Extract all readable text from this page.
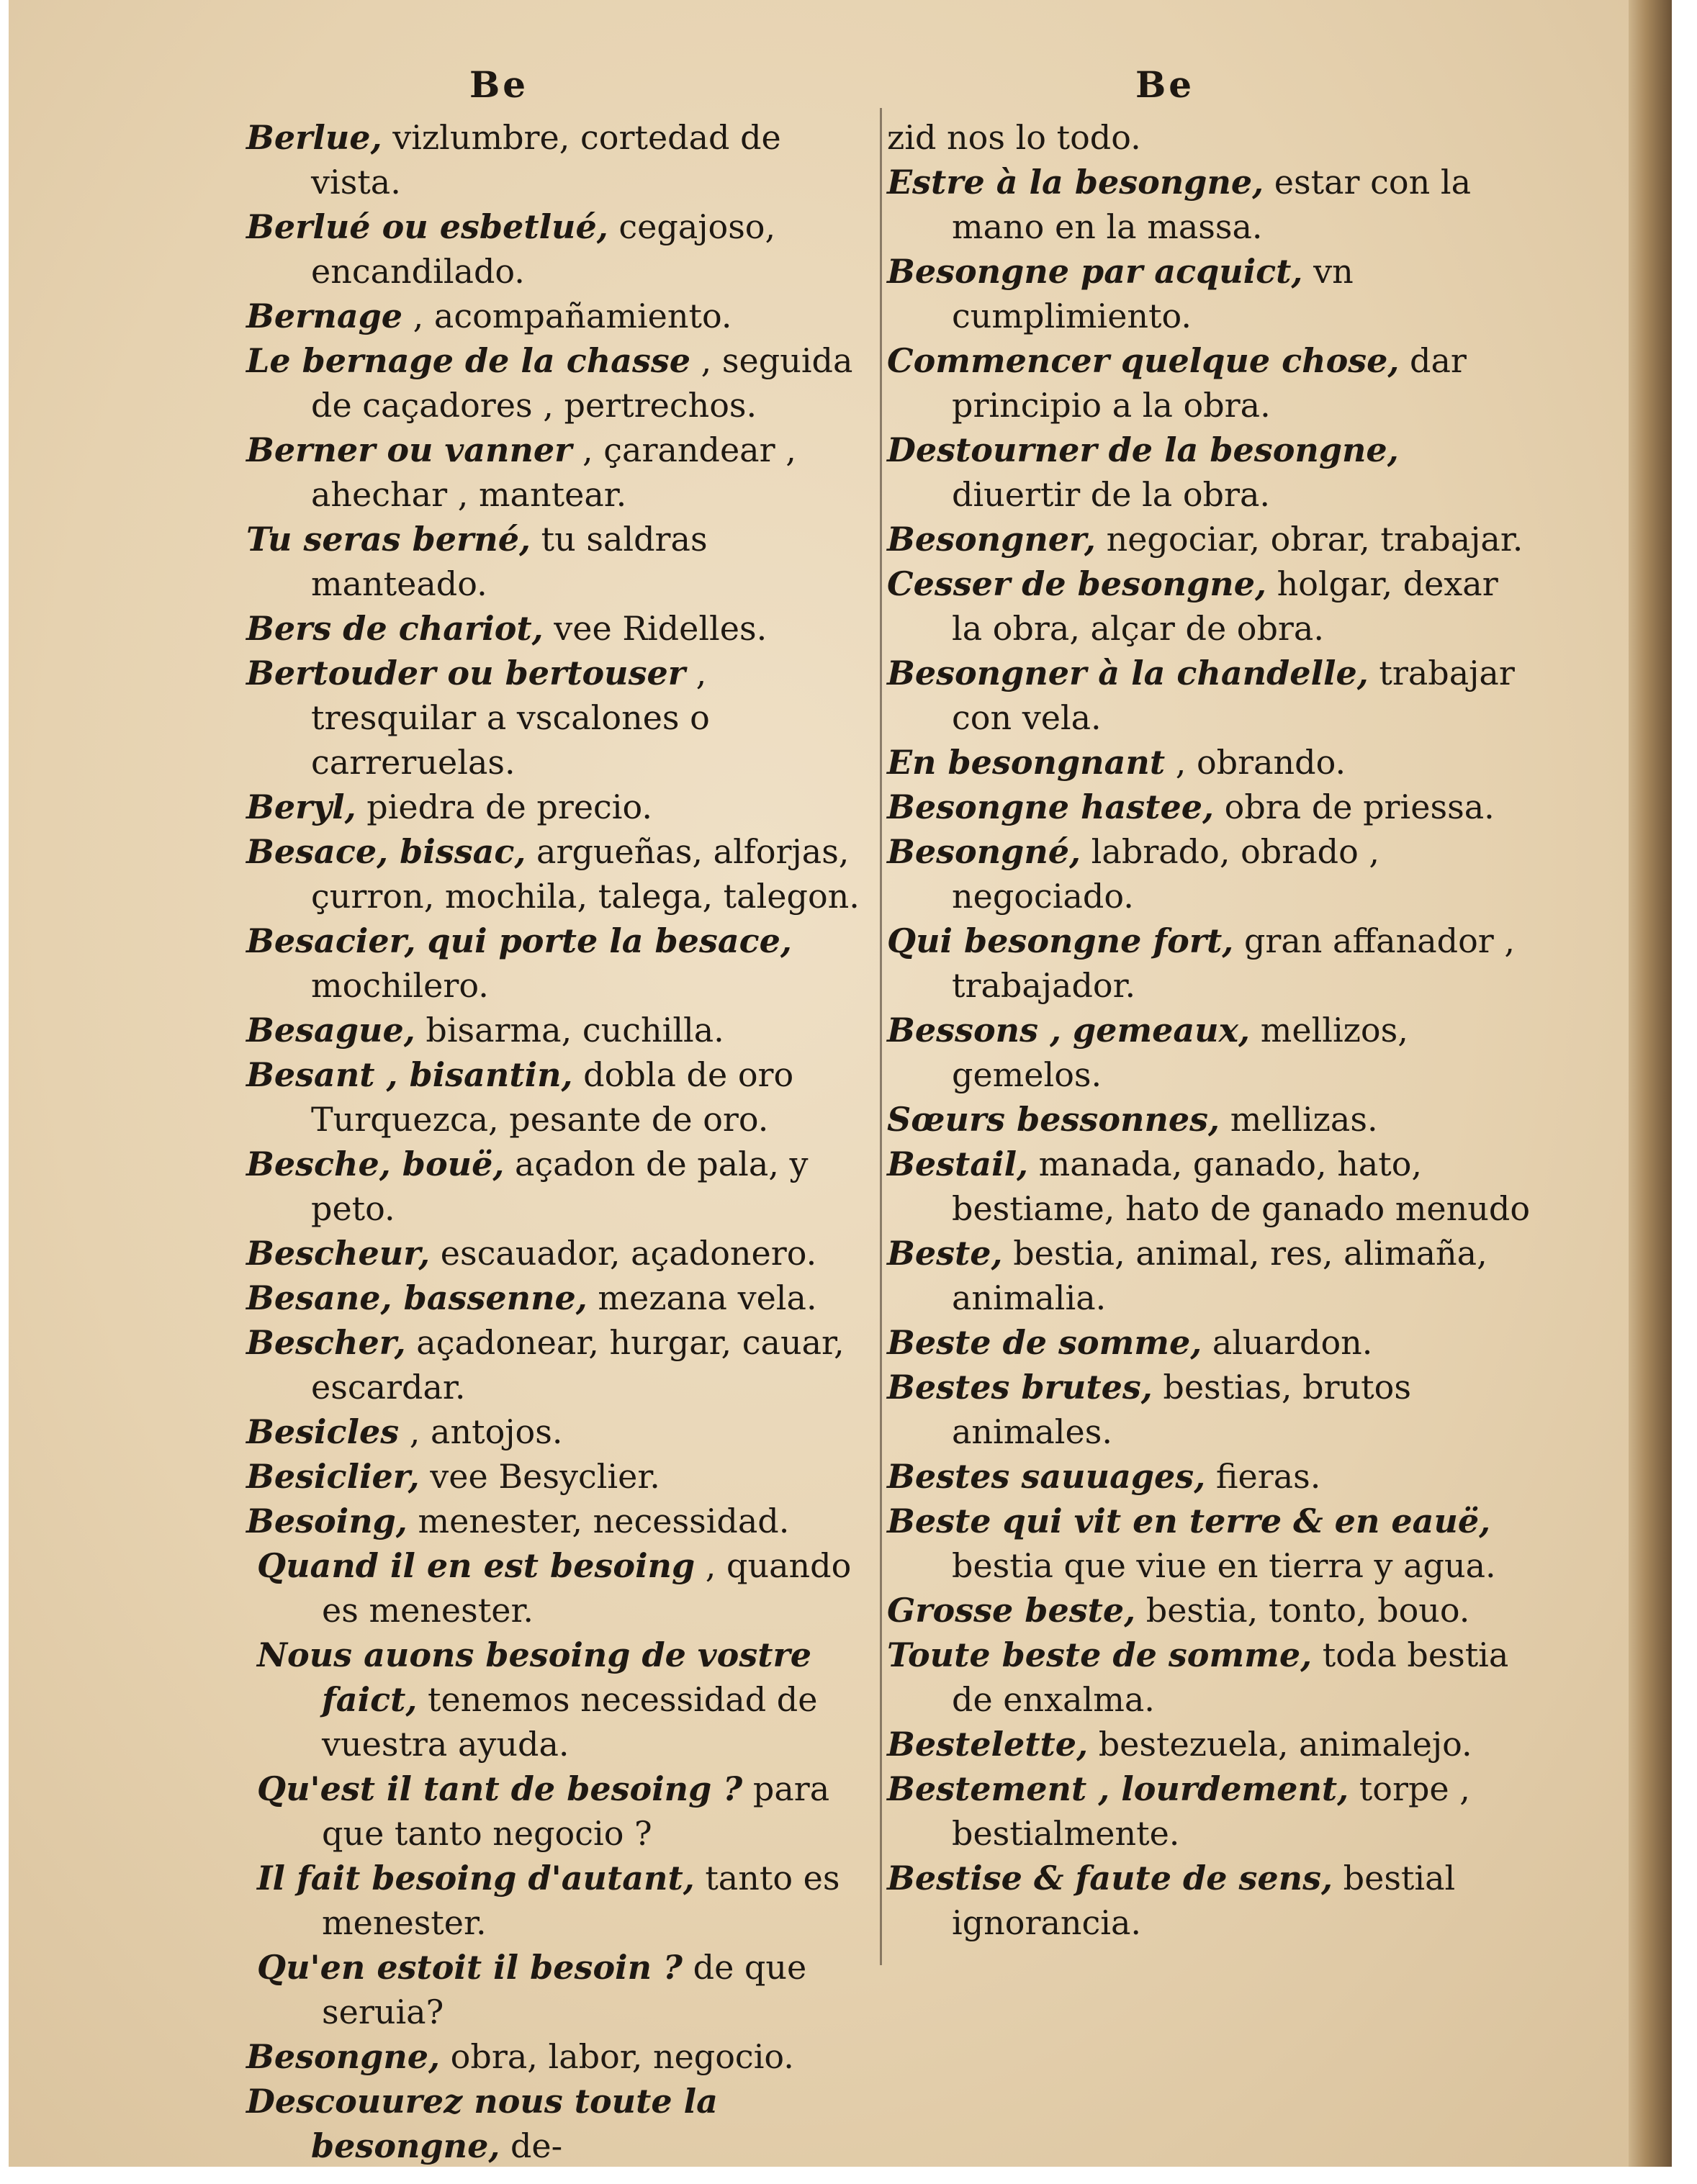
Be	Be

Berlue, vizlumbre, cortedad de vista.

Berlué ou esbetlué, cegajoso, encandilado.

Bernage , acompañamiento.

Le bernage de la chasse , seguida de caçadores , pertrechos.

Berner ou vanner , çarandear , ahechar , mantear.

Tu seras berné, tu saldras manteado.

Bers de chariot, vee Ridelles.

Bertouder ou bertouser , tresquilar a vscalones o carreruelas.

Beryl, piedra de precio.

Besace, bissac, argueñas, alforjas, çurron, mochila, talega, talegon.

Besacier, qui porte la besace, mochilero.

Besague, bisarma, cuchilla.

Besant , bisantin, dobla de oro Turquezca, pesante de oro.

Besche, bouë, açadon de pala, y peto.

Bescheur, escauador, açadonero.

Besane, bassenne, mezana vela.

Bescher, açadonear, hurgar, cauar, escardar.

Besicles , antojos.

Besiclier, vee Besyclier.

Besoing, menester, necessidad.

Quand il en est besoing , quando es menester.

Nous auons besoing de vostre faict, tenemos necessidad de vuestra ayuda.

Qu'est il tant de besoing ? para que tanto negocio ?

Il fait besoing d'autant, tanto es menester.

Qu'en estoit il besoin ? de que seruia?

Besongne, obra, labor, negocio.

Descouurez nous toute la besongne, de-

zid nos lo todo.

Estre à la besongne, estar con la mano en la massa.

Besongne par acquict, vn cumplimiento.

Commencer quelque chose, dar principio a la obra.

Destourner de la besongne, diuertir de la obra.

Besongner, negociar, obrar, trabajar.

Cesser de besongne, holgar, dexar la obra, alçar de obra.

Besongner à la chandelle, trabajar con vela.

En besongnant , obrando.

Besongne hastee, obra de priessa.

Besongné, labrado, obrado , negociado.

Qui besongne fort, gran affanador , trabajador.

Bessons , gemeaux, mellizos, gemelos.

Sœurs bessonnes, mellizas.

Bestail, manada, ganado, hato, bestiame, hato de ganado menudo

Beste, bestia, animal, res, alimaña, animalia.

Beste de somme, aluardon.

Bestes brutes, bestias, brutos animales.

Bestes sauuages, fieras.

Beste qui vit en terre & en eauë, bestia que viue en tierra y agua.

Grosse beste, bestia, tonto, bouo.

Toute beste de somme, toda bestia de enxalma.

Bestelette, bestezuela, animalejo.

Bestement , lourdement, torpe , bestialmente.

Bestise & faute de sens, bestial ignorancia.
